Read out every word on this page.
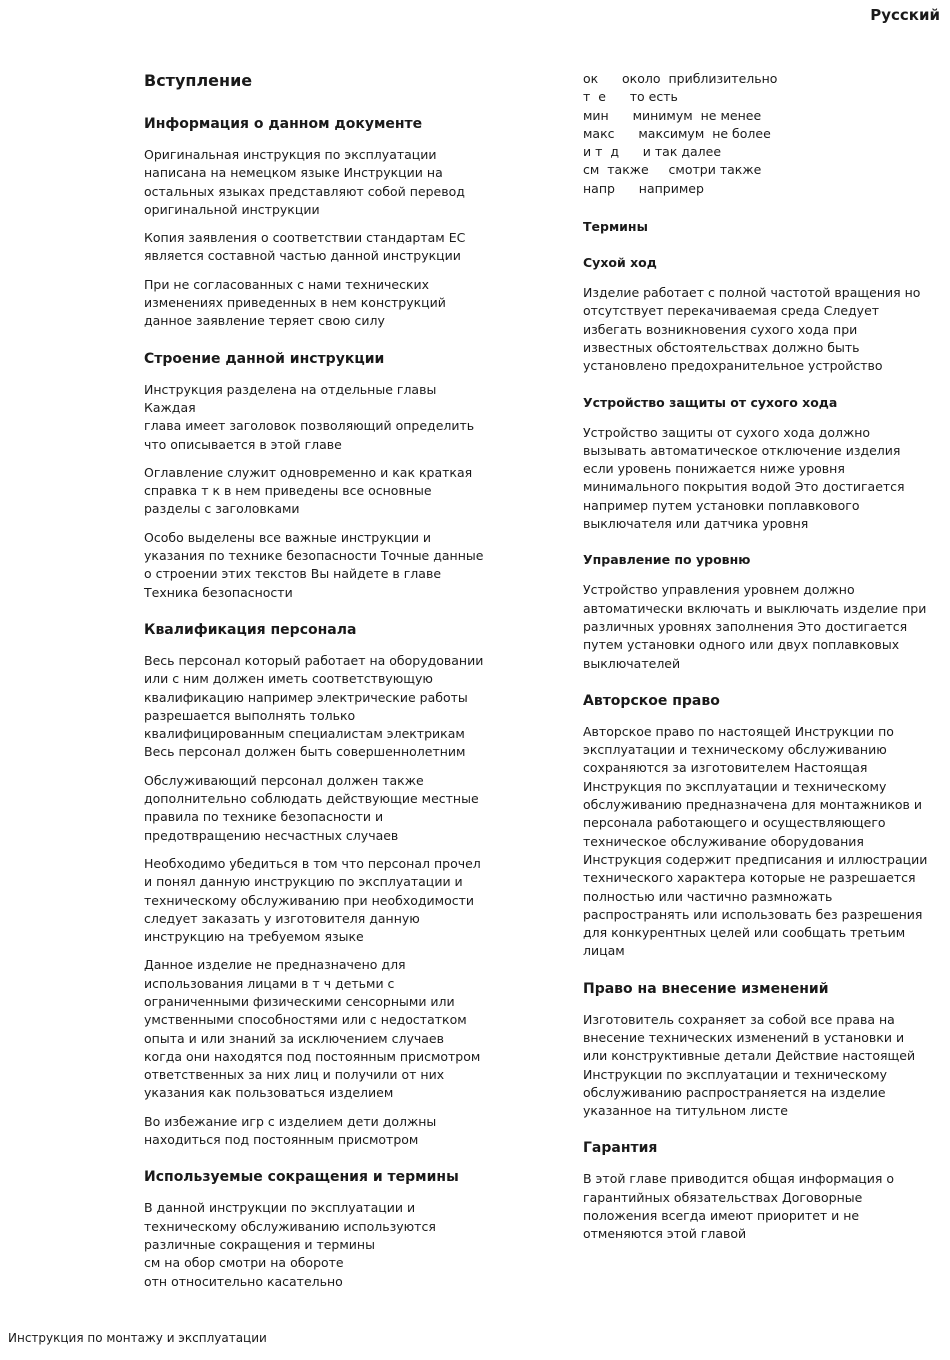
Русский
Вступление
Информация о данном документе

Оригинальная инструкция по эксплуатации
написана на немецком языке Инструкции на
остальных языках представляют собой перевод
оригинальной инструкции

Копия заявления о соответствии стандартам ЕС
является составной частью данной инструкции

При не согласованных с нами технических
изменениях приведенных в нем конструкций
данное заявление теряет свою силу

Строение данной инструкции

Инструкция разделена на отдельные главы Каждая
глава имеет заголовок позволяющий определить
что описывается в этой главе

Оглавление служит одновременно и как краткая
справка т к в нем приведены все основные
разделы с заголовками

Особо выделены все важные инструкции и
указания по технике безопасности Точные данные
о строении этих текстов Вы найдете в главе
Техника безопасности

Квалификация персонала

Весь персонал который работает на оборудовании
или с ним должен иметь соответствующую
квалификацию например электрические работы
разрешается выполнять только
квалифицированным специалистам электрикам
Весь персонал должен быть совершеннолетним

Обслуживающий персонал должен также
дополнительно соблюдать действующие местные
правила по технике безопасности и
предотвращению несчастных случаев

Необходимо убедиться в том что персонал прочел
и понял данную инструкцию по эксплуатации и
техническому обслуживанию при необходимости
следует заказать у изготовителя данную
инструкцию на требуемом языке

Данное изделие не предназначено для
использования лицами в т ч детьми с
ограниченными физическими сенсорными или
умственными способностями или с недостатком
опыта и или знаний за исключением случаев
когда они находятся под постоянным присмотром
ответственных за них лиц и получили от них
указания как пользоваться изделием

Во избежание игр с изделием дети должны
находиться под постоянным присмотром

Используемые сокращения и термины

В данной инструкции по эксплуатации и
техническому обслуживанию используются
различные сокращения и термины
см на обор смотри на обороте
отн относительно касательно

ок      около  приблизительно
т  е      то есть
мин      минимум  не менее
макс      максимум  не более
и т  д      и так далее
см  также     смотри также
напр      например
Термины
Сухой ход

Изделие работает с полной частотой вращения но
отсутствует перекачиваемая среда Следует
избегать возникновения сухого хода при
известных обстоятельствах должно быть
установлено предохранительное устройство

Устройство защиты от сухого хода

Устройство защиты от сухого хода должно
вызывать автоматическое отключение изделия
если уровень понижается ниже уровня
минимального покрытия водой Это достигается
например путем установки поплавкового
выключателя или датчика уровня

Управление по уровню

Устройство управления уровнем должно
автоматически включать и выключать изделие при
различных уровнях заполнения Это достигается
путем установки одного или двух поплавковых
выключателей

Авторское право

Авторское право по настоящей Инструкции по
эксплуатации и техническому обслуживанию
сохраняются за изготовителем Настоящая
Инструкция по эксплуатации и техническому
обслуживанию предназначена для монтажников и
персонала работающего и осуществляющего
техническое обслуживание оборудования
Инструкция содержит предписания и иллюстрации
технического характера которые не разрешается
полностью или частично размножать
распространять или использовать без разрешения
для конкурентных целей или сообщать третьим
лицам

Право на внесение изменений

Изготовитель сохраняет за собой все права на
внесение технических изменений в установки и
или конструктивные детали Действие настоящей
Инструкции по эксплуатации и техническому
обслуживанию распространяется на изделие
указанное на титульном листе

Гарантия

В этой главе приводится общая информация о
гарантийных обязательствах Договорные
положения всегда имеют приоритет и не
отменяются этой главой

Инструкция по монтажу и эксплуатации
